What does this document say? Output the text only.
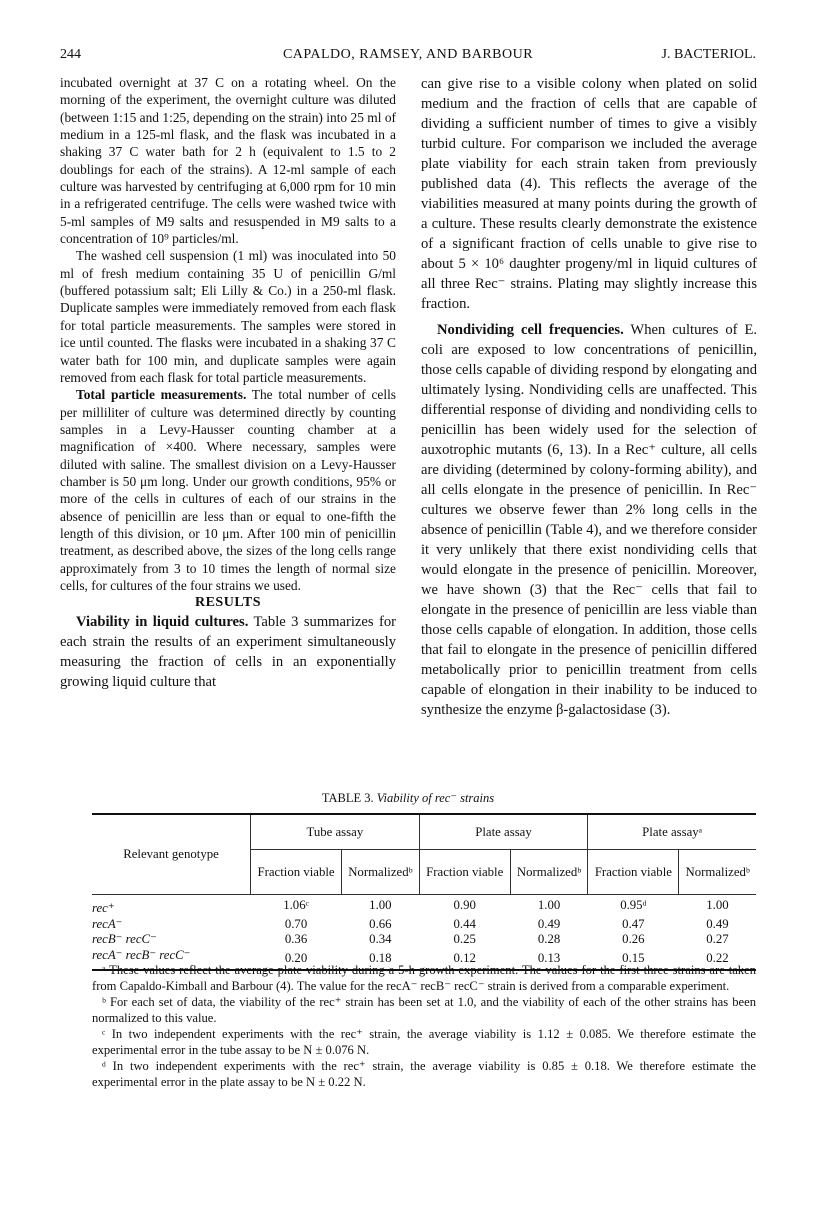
244	CAPALDO, RAMSEY, AND BARBOUR	J. BACTERIOL.

incubated overnight at 37 C on a rotating wheel. On the morning of the experiment, the overnight culture was diluted (between 1:15 and 1:25, depending on the strain) into 25 ml of medium in a 125-ml flask, and the flask was incubated in a shaking 37 C water bath for 2 h (equivalent to 1.5 to 2 doublings for each of the strains). A 12-ml sample of each culture was harvested by centrifuging at 6,000 rpm for 10 min in a refrigerated centrifuge. The cells were washed twice with 5-ml samples of M9 salts and resuspended in M9 salts to a concentration of 10⁹ particles/ml.

The washed cell suspension (1 ml) was inoculated into 50 ml of fresh medium containing 35 U of penicillin G/ml (buffered potassium salt; Eli Lilly & Co.) in a 250-ml flask. Duplicate samples were immediately removed from each flask for total particle measurements. The samples were stored in ice until counted. The flasks were incubated in a shaking 37 C water bath for 100 min, and duplicate samples were again removed from each flask for total particle measurements.

Total particle measurements. The total number of cells per milliliter of culture was determined directly by counting samples in a Levy-Hausser counting chamber at a magnification of ×400. Where necessary, samples were diluted with saline. The smallest division on a Levy-Hausser chamber is 50 μm long. Under our growth conditions, 95% or more of the cells in cultures of each of our strains in the absence of penicillin are less than or equal to one-fifth the length of this division, or 10 μm. After 100 min of penicillin treatment, as described above, the sizes of the long cells range approximately from 3 to 10 times the length of normal size cells, for cultures of the four strains we used.

RESULTS

Viability in liquid cultures. Table 3 summarizes for each strain the results of an experiment simultaneously measuring the fraction of cells in an exponentially growing liquid culture that

can give rise to a visible colony when plated on solid medium and the fraction of cells that are capable of dividing a sufficient number of times to give a visibly turbid culture. For comparison we included the average plate viability for each strain taken from previously published data (4). This reflects the average of the viabilities measured at many points during the growth of a culture. These results clearly demonstrate the existence of a significant fraction of cells unable to give rise to about 5 × 10⁶ daughter progeny/ml in liquid cultures of all three Rec⁻ strains. Plating may slightly increase this fraction.

Nondividing cell frequencies. When cultures of E. coli are exposed to low concentrations of penicillin, those cells capable of dividing respond by elongating and ultimately lysing. Nondividing cells are unaffected. This differential response of dividing and nondividing cells to penicillin has been widely used for the selection of auxotrophic mutants (6, 13). In a Rec⁺ culture, all cells are dividing (determined by colony-forming ability), and all cells elongate in the presence of penicillin. In Rec⁻ cultures we observe fewer than 2% long cells in the absence of penicillin (Table 4), and we therefore consider it very unlikely that there exist nondividing cells that would elongate in the presence of penicillin. Moreover, we have shown (3) that the Rec⁻ cells that fail to elongate in the presence of penicillin are less viable than those cells capable of elongation. In addition, those cells that fail to elongate in the presence of penicillin differed metabolically prior to penicillin treatment from cells capable of elongation in their inability to be induced to synthesize the enzyme β-galactosidase (3).

TABLE 3. Viability of rec⁻ strains
Relevant genotype	Tube assay		Plate assay		Plate assayᵃ	
	Fraction viable	Normalizedᵇ	Fraction viable	Normalizedᵇ	Fraction viable	Normalizedᵇ
rec⁺	1.06ᶜ	1.00	0.90	1.00	0.95ᵈ	1.00
recA⁻	0.70	0.66	0.44	0.49	0.47	0.49
recB⁻ recC⁻	0.36	0.34	0.25	0.28	0.26	0.27
recA⁻ recB⁻ recC⁻	0.20	0.18	0.12	0.13	0.15	0.22

ᵃ These values reflect the average plate viability during a 5-h growth experiment. The values for the first three strains are taken from Capaldo-Kimball and Barbour (4). The value for the recA⁻ recB⁻ recC⁻ strain is derived from a comparable experiment.

ᵇ For each set of data, the viability of the rec⁺ strain has been set at 1.0, and the viability of each of the other strains has been normalized to this value.

ᶜ In two independent experiments with the rec⁺ strain, the average viability is 1.12 ± 0.085. We therefore estimate the experimental error in the tube assay to be N ± 0.076 N.

ᵈ In two independent experiments with the rec⁺ strain, the average viability is 0.85 ± 0.18. We therefore estimate the experimental error in the plate assay to be N ± 0.22 N.
